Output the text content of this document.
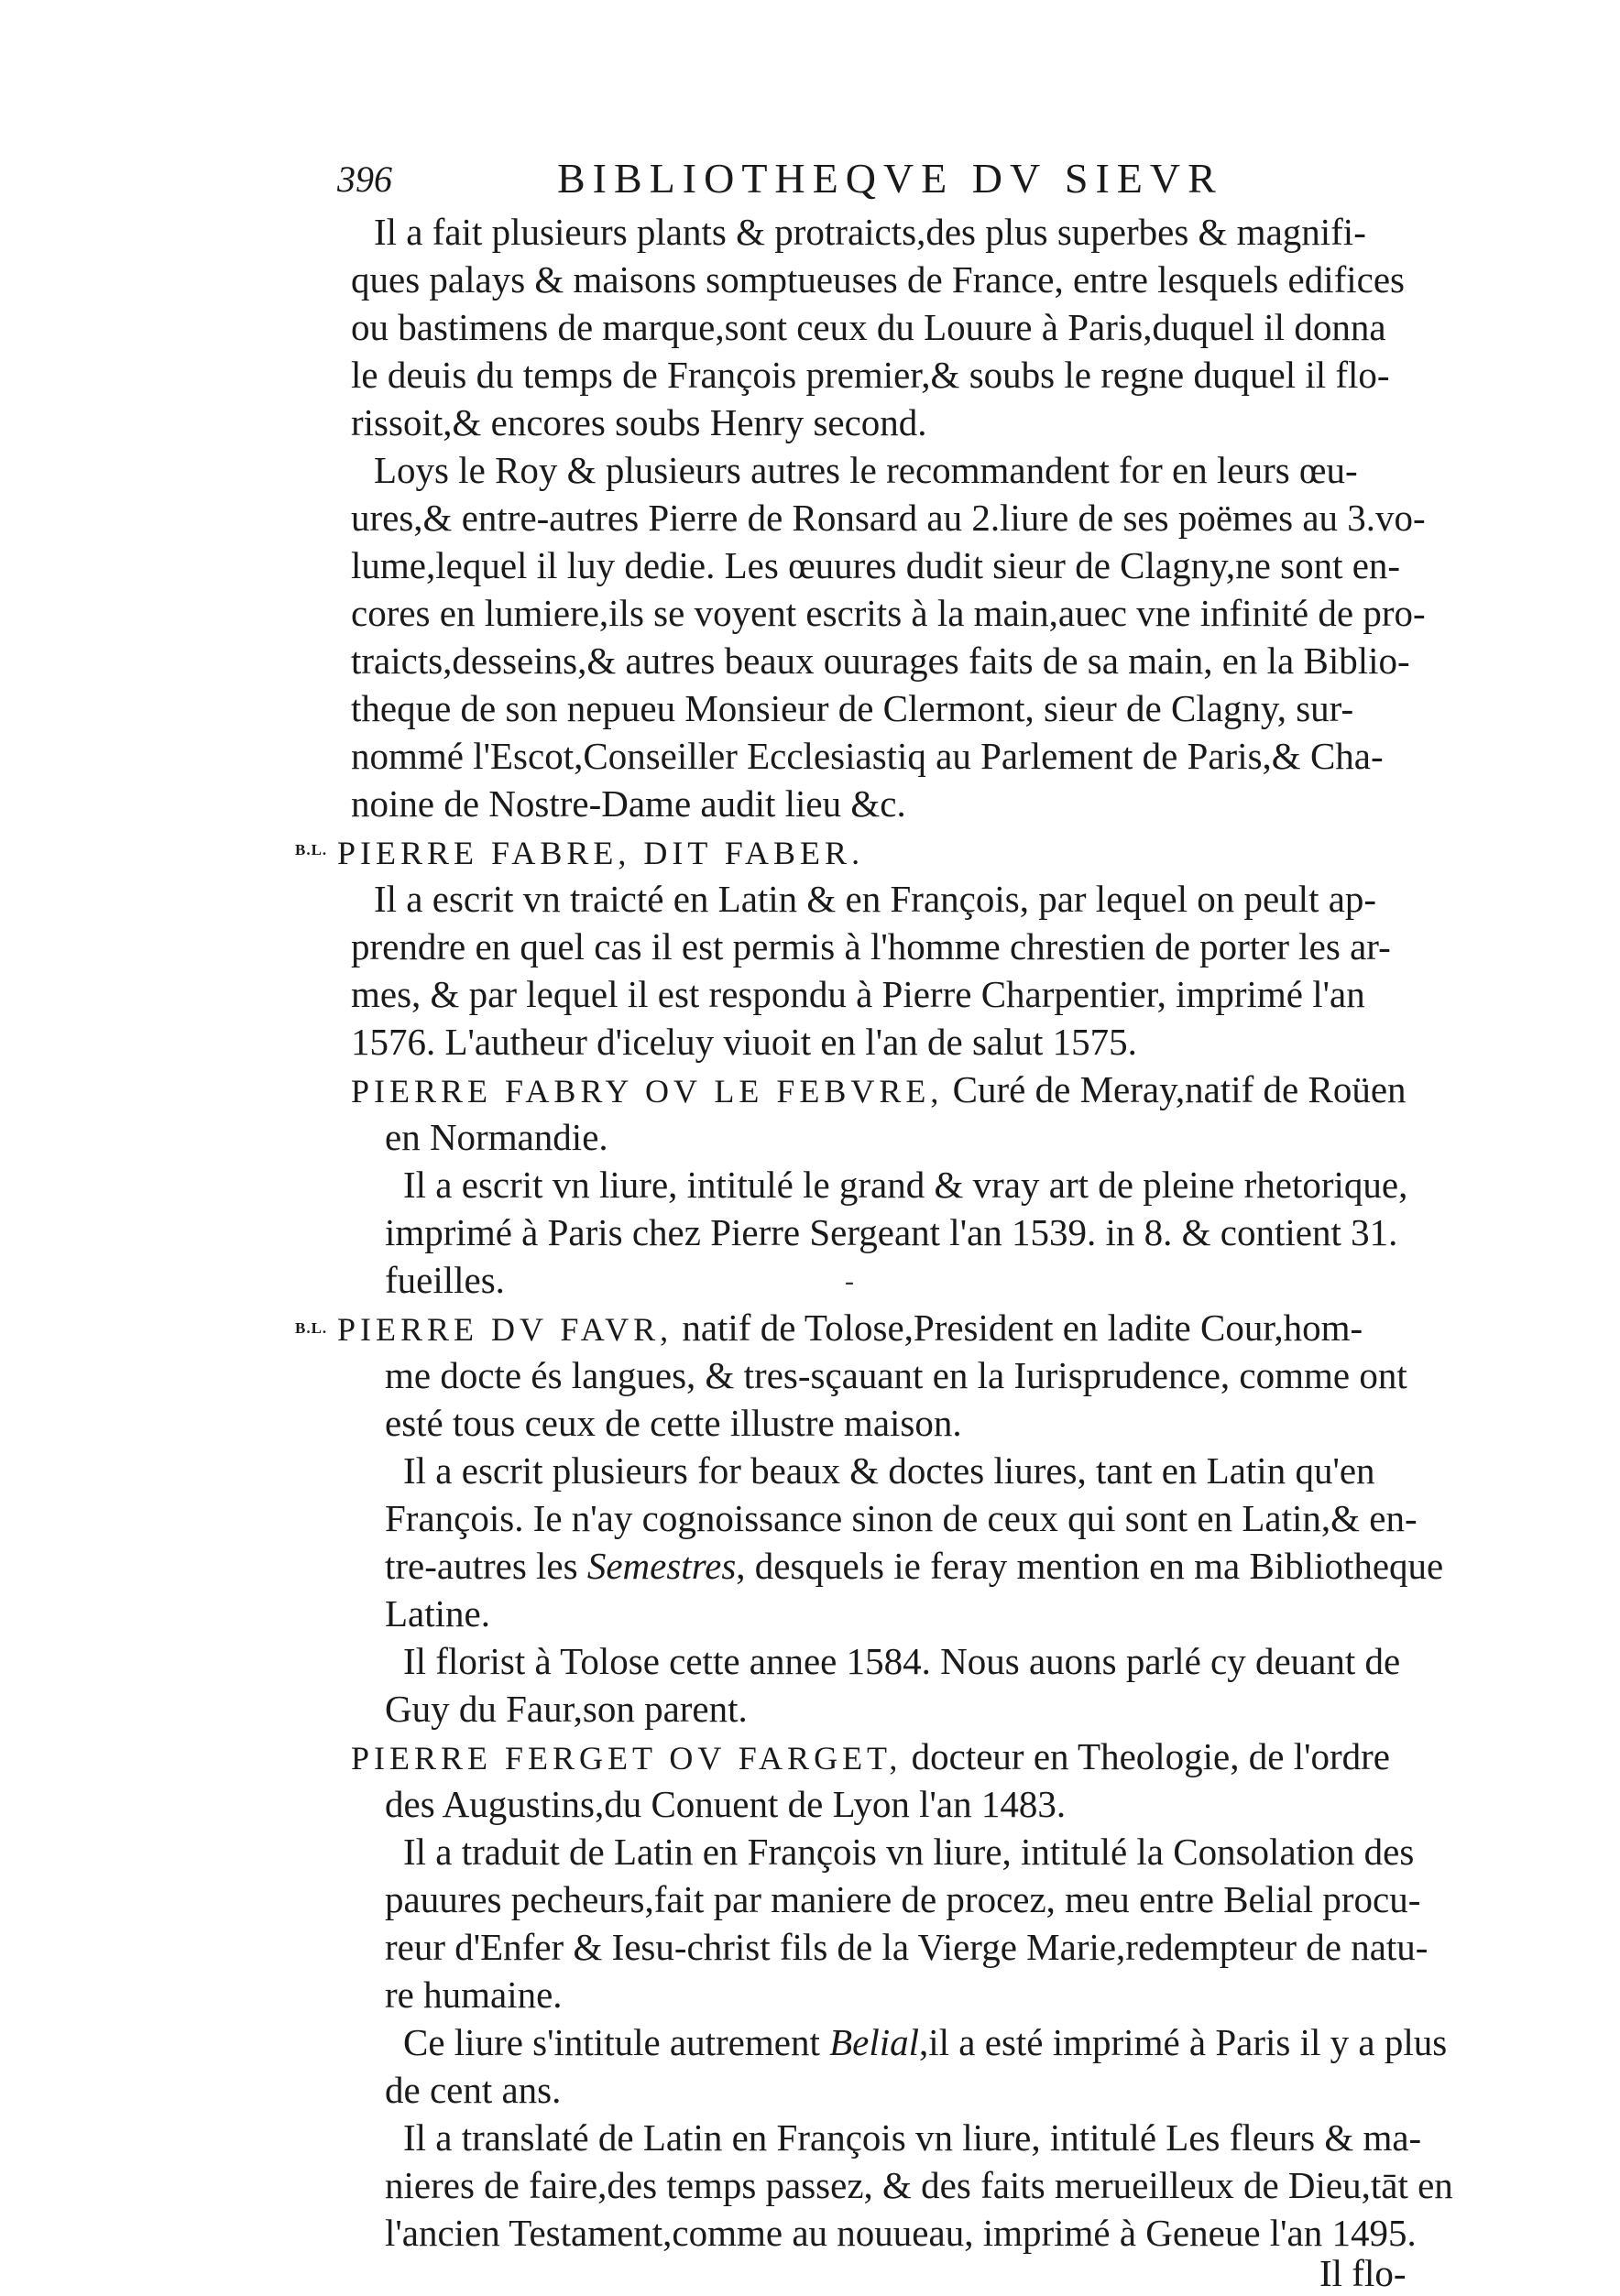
396	BIBLIOTHEQVE DV SIEVR
Il a fait plusieurs plants & protraicts,des plus superbes & magnifi-
ques palays & maisons somptueuses de France, entre lesquels edifices
ou bastimens de marque,sont ceux du Louure à Paris,duquel il donna
le deuis du temps de François premier,& soubs le regne duquel il flo-
rissoit,& encores soubs Henry second.
Loys le Roy & plusieurs autres le recommandent for en leurs œu-
ures,& entre-autres Pierre de Ronsard au 2.liure de ses poëmes au 3.vo-
lume,lequel il luy dedie. Les œuures dudit sieur de Clagny,ne sont en-
cores en lumiere,ils se voyent escrits à la main,auec vne infinité de pro-
traicts,desseins,& autres beaux ouurages faits de sa main, en la Biblio-
theque de son nepueu Monsieur de Clermont, sieur de Clagny, sur-
nommé l'Escot,Conseiller Ecclesiastiq au Parlement de Paris,& Cha-
noine de Nostre-Dame audit lieu &c.
B.L. PIERRE FABRE, DIT FABER.
Il a escrit vn traicté en Latin & en François, par lequel on peult ap-
prendre en quel cas il est permis à l'homme chrestien de porter les ar-
mes, & par lequel il est respondu à Pierre Charpentier, imprimé l'an
1576. L'autheur d'iceluy viuoit en l'an de salut 1575.
PIERRE FABRY OV LE FEBVRE, Curé de Meray,natif de Roüen
en Normandie.
Il a escrit vn liure, intitulé le grand & vray art de pleine rhetorique,
imprimé à Paris chez Pierre Sergeant l'an 1539. in 8. & contient 31.
fueilles.	-
B.L. PIERRE DV FAVR, natif de Tolose,President en ladite Cour,hom-
me docte és langues, & tres-sçauant en la Iurisprudence, comme ont
esté tous ceux de cette illustre maison.
Il a escrit plusieurs for beaux & doctes liures, tant en Latin qu'en
François. Ie n'ay cognoissance sinon de ceux qui sont en Latin,& en-
tre-autres les Semestres, desquels ie feray mention en ma Bibliotheque
Latine.
Il florist à Tolose cette annee 1584. Nous auons parlé cy deuant de
Guy du Faur,son parent.
PIERRE FERGET OV FARGET, docteur en Theologie, de l'ordre
des Augustins,du Conuent de Lyon l'an 1483.
Il a traduit de Latin en François vn liure, intitulé la Consolation des
pauures pecheurs,fait par maniere de procez, meu entre Belial procu-
reur d'Enfer & Iesu-christ fils de la Vierge Marie,redempteur de natu-
re humaine.
Ce liure s'intitule autrement Belial,il a esté imprimé à Paris il y a plus
de cent ans.
Il a translaté de Latin en François vn liure, intitulé Les fleurs & ma-
nieres de faire,des temps passez, & des faits merueilleux de Dieu,tāt en
l'ancien Testament,comme au nouueau, imprimé à Geneue l'an 1495.
Il flo-
